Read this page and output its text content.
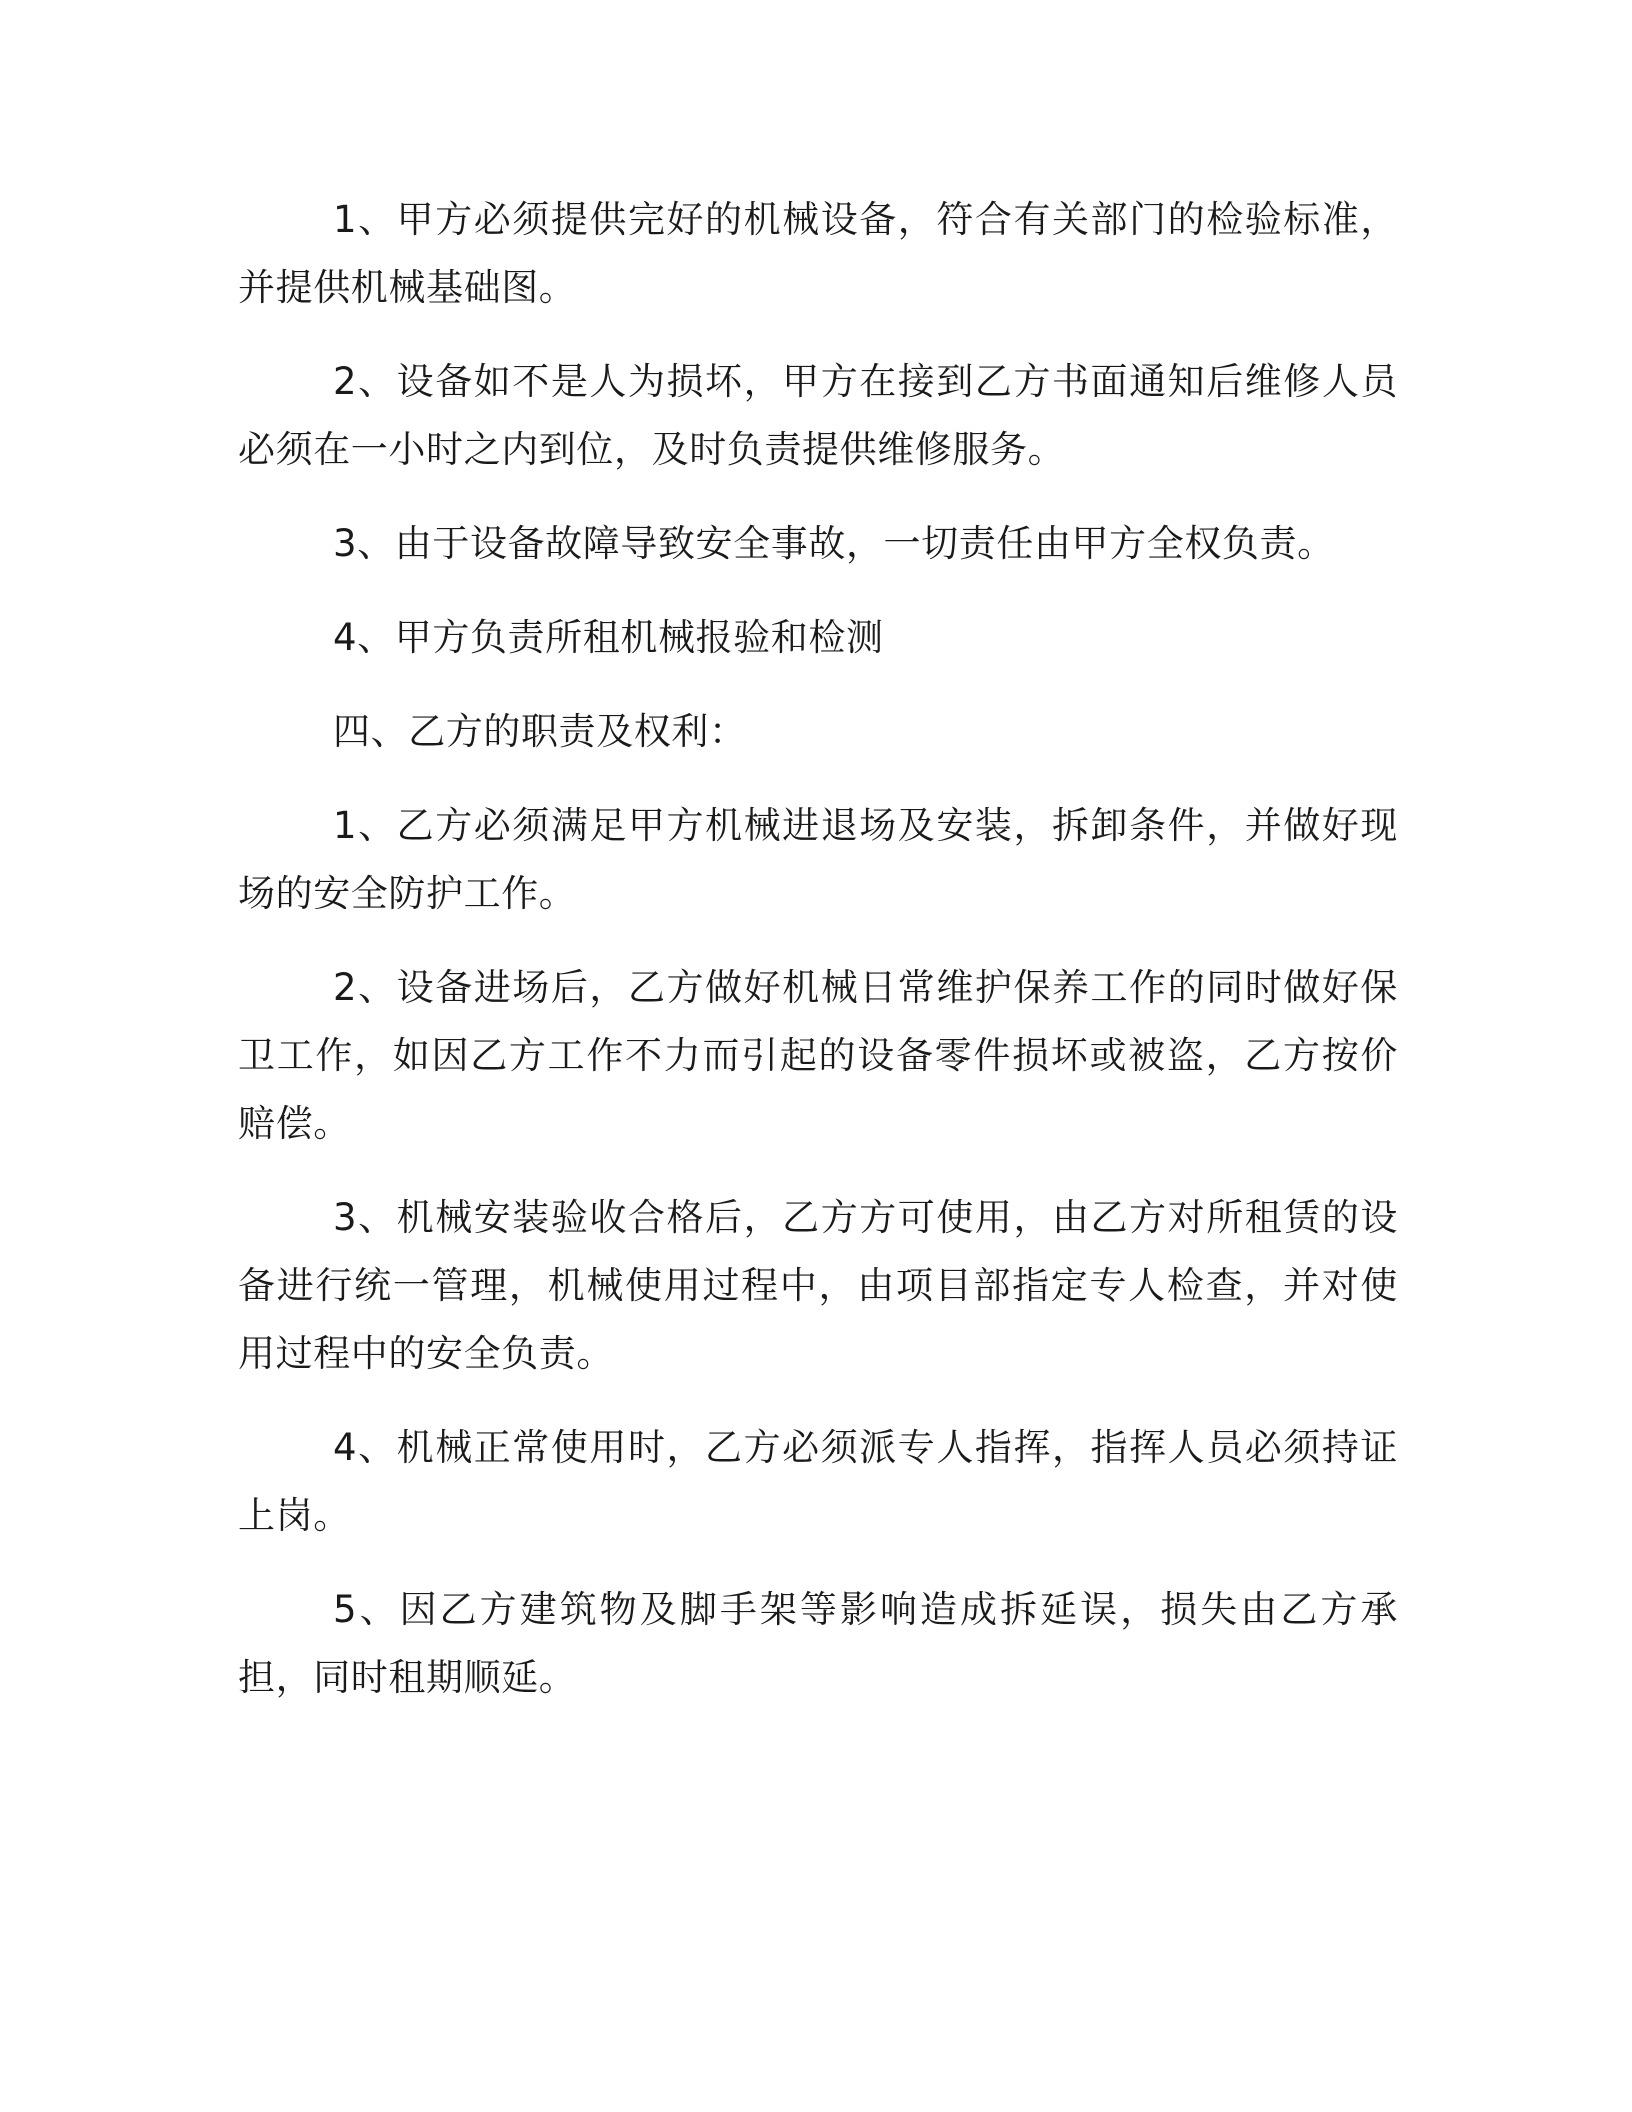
1、甲方必须提供完好的机械设备，符合有关部门的检验标准，并提供机械基础图。

2、设备如不是人为损坏，甲方在接到乙方书面通知后维修人员必须在一小时之内到位，及时负责提供维修服务。

3、由于设备故障导致安全事故，一切责任由甲方全权负责。

4、甲方负责所租机械报验和检测

四、乙方的职责及权利：

1、乙方必须满足甲方机械进退场及安装，拆卸条件，并做好现场的安全防护工作。

2、设备进场后，乙方做好机械日常维护保养工作的同时做好保卫工作，如因乙方工作不力而引起的设备零件损坏或被盗，乙方按价赔偿。

3、机械安装验收合格后，乙方方可使用，由乙方对所租赁的设备进行统一管理，机械使用过程中，由项目部指定专人检查，并对使用过程中的安全负责。

4、机械正常使用时，乙方必须派专人指挥，指挥人员必须持证上岗。

5、因乙方建筑物及脚手架等影响造成拆延误，损失由乙方承担，同时租期顺延。
